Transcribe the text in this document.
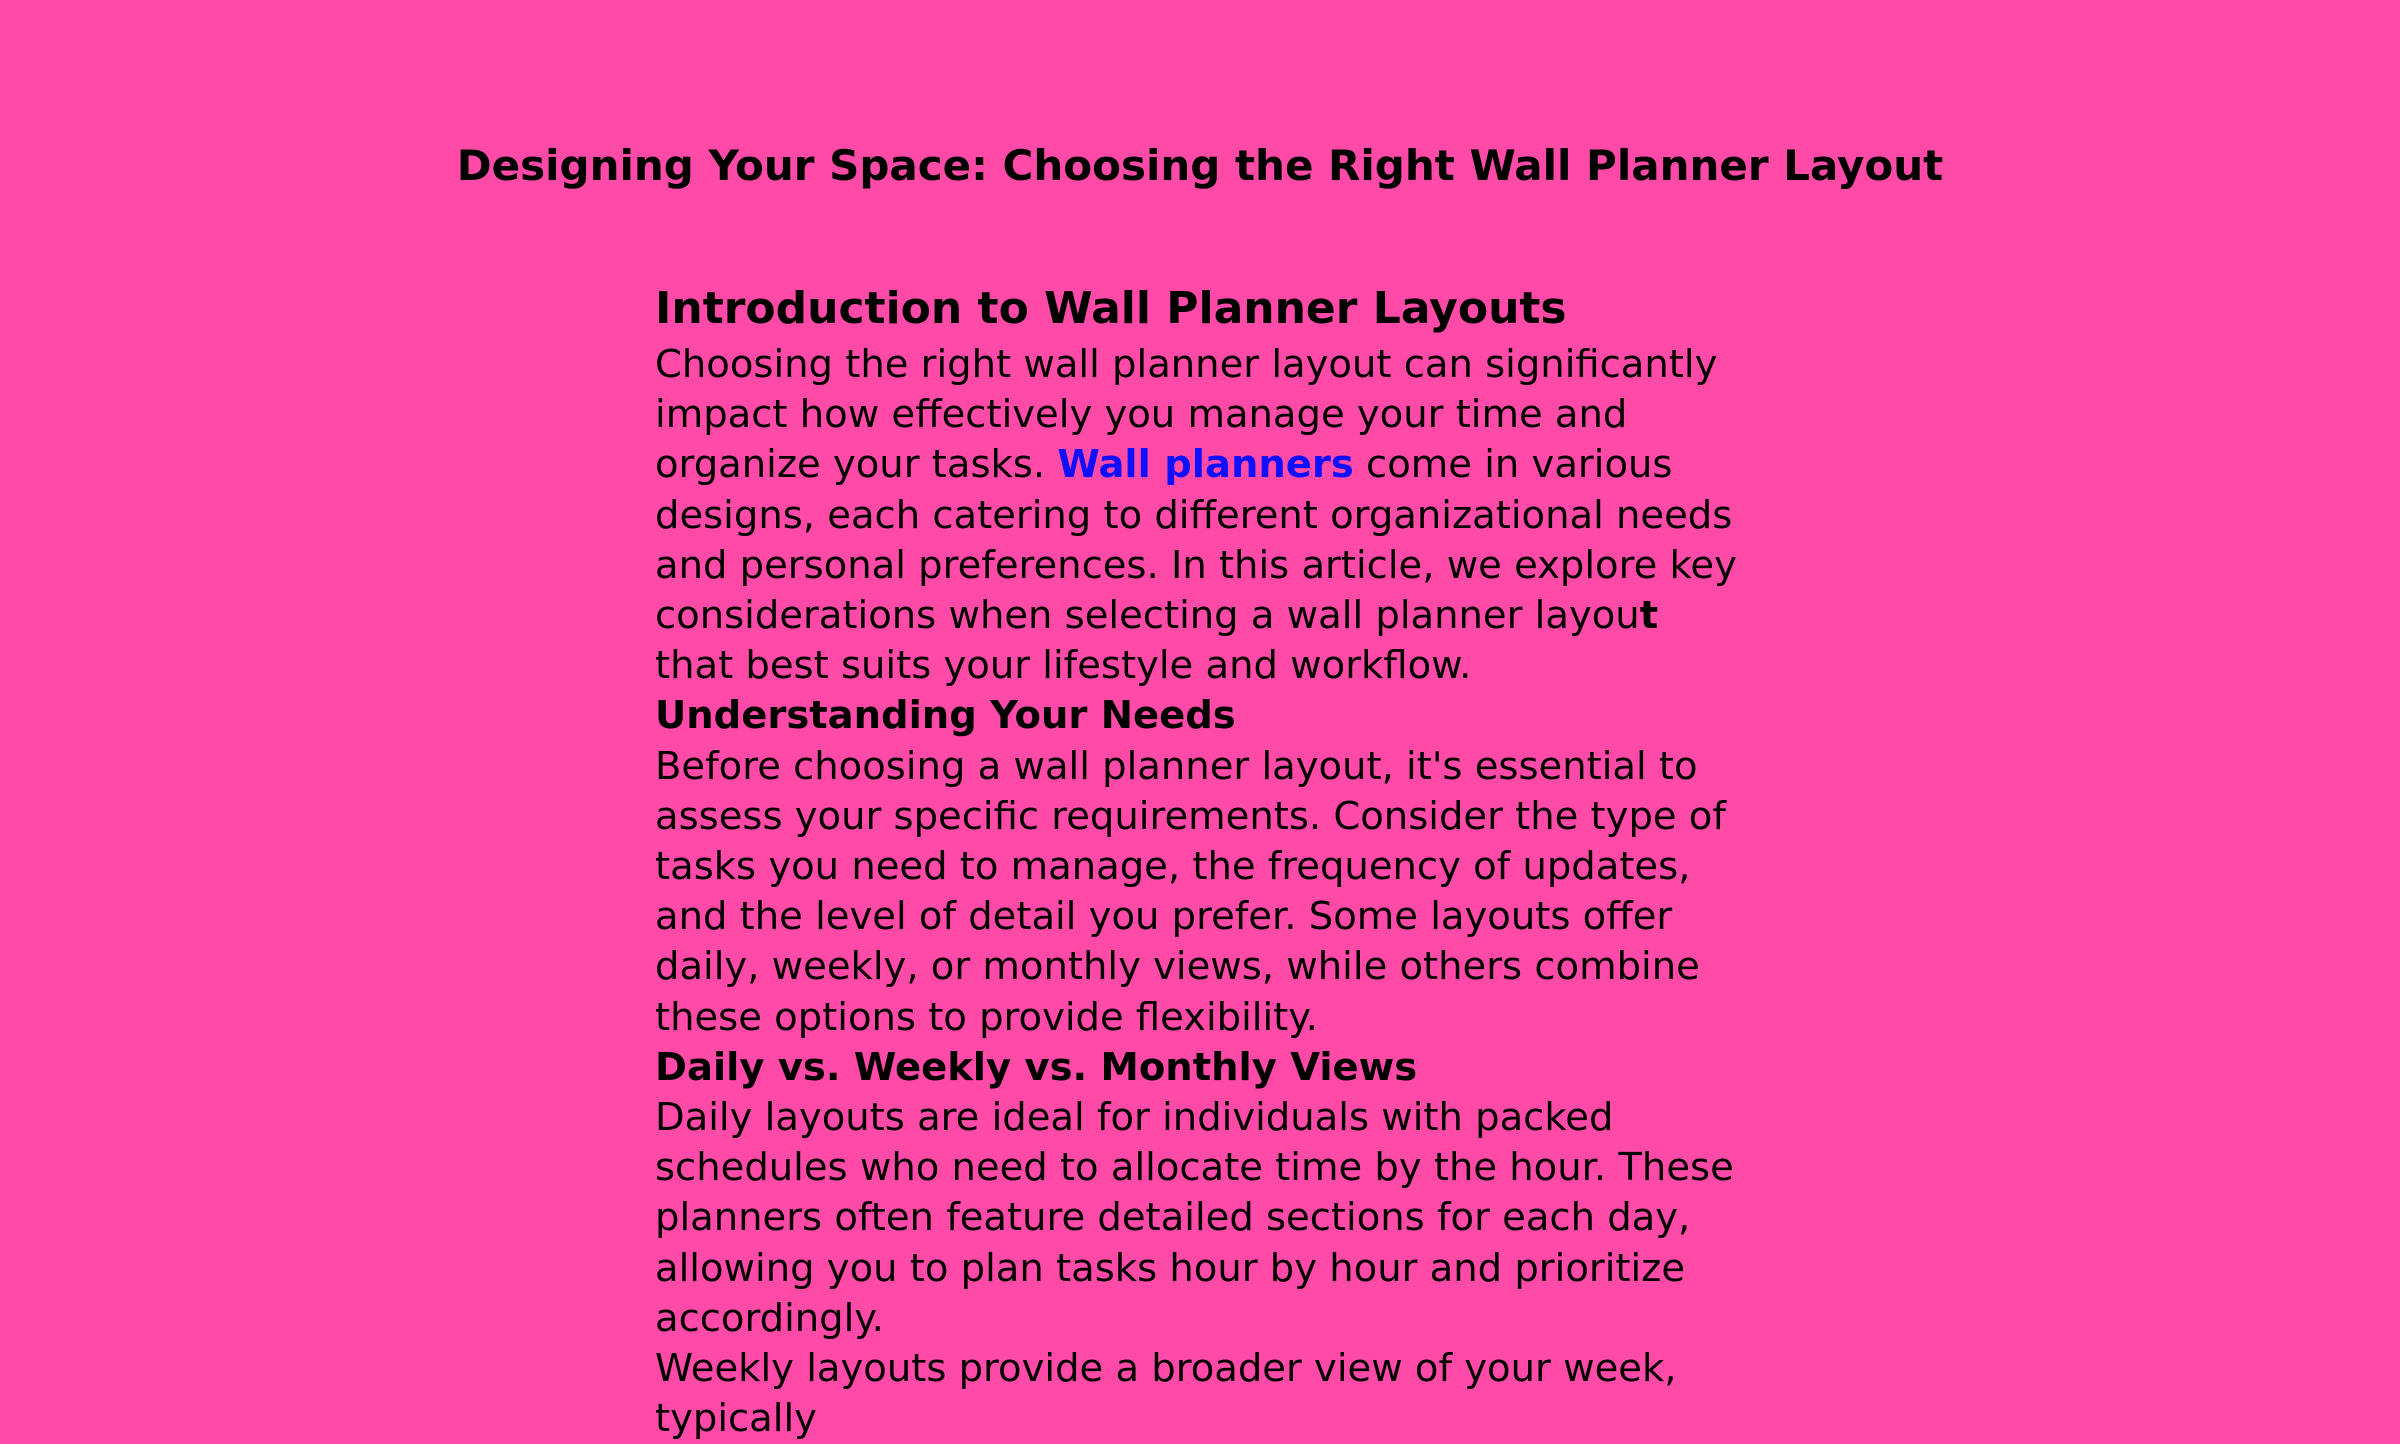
Designing Your Space: Choosing the Right Wall Planner Layout
Introduction to Wall Planner Layouts

Choosing the right wall planner layout can significantly impact how effectively you manage your time and organize your tasks. Wall planners come in various designs, each catering to different organizational needs and personal preferences. In this article, we explore key considerations when selecting a wall planner layout that best suits your lifestyle and workflow.

Understanding Your Needs

Before choosing a wall planner layout, it's essential to assess your specific requirements. Consider the type of tasks you need to manage, the frequency of updates, and the level of detail you prefer. Some layouts offer daily, weekly, or monthly views, while others combine these options to provide flexibility.

Daily vs. Weekly vs. Monthly Views

Daily layouts are ideal for individuals with packed schedules who need to allocate time by the hour. These planners often feature detailed sections for each day, allowing you to plan tasks hour by hour and prioritize accordingly.

Weekly layouts provide a broader view of your week, typically
